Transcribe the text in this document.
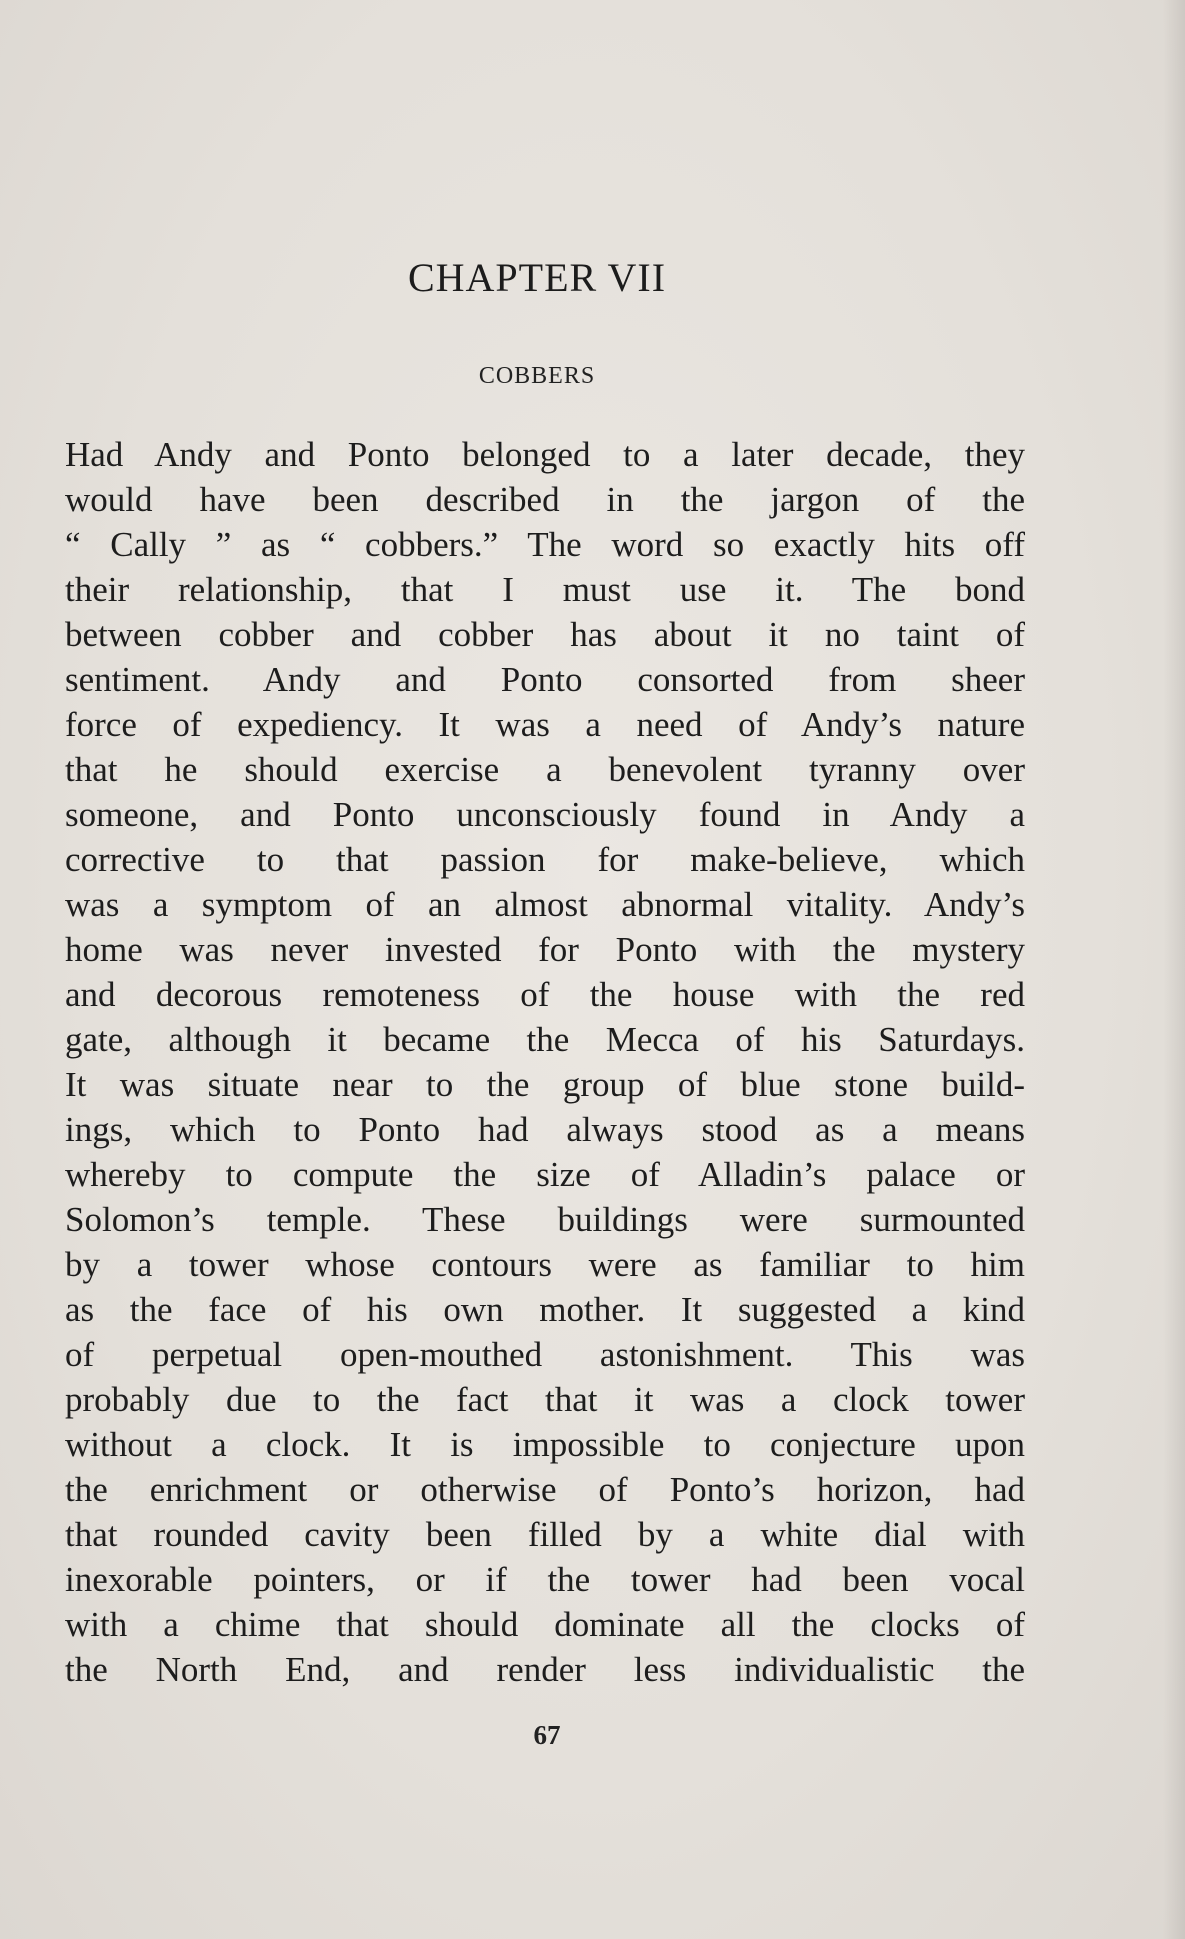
CHAPTER VII
COBBERS
Had Andy and Ponto belonged to a later decade, they
would have been described in the jargon of the
“ Cally ” as “ cobbers.” The word so exactly hits off
their relationship, that I must use it. The bond
between cobber and cobber has about it no taint of
sentiment. Andy and Ponto consorted from sheer
force of expediency. It was a need of Andy’s nature
that he should exercise a benevolent tyranny over
someone, and Ponto unconsciously found in Andy a
corrective to that passion for make-believe, which
was a symptom of an almost abnormal vitality. Andy’s
home was never invested for Ponto with the mystery
and decorous remoteness of the house with the red
gate, although it became the Mecca of his Saturdays.
It was situate near to the group of blue stone build-
ings, which to Ponto had always stood as a means
whereby to compute the size of Alladin’s palace or
Solomon’s temple. These buildings were surmounted
by a tower whose contours were as familiar to him
as the face of his own mother. It suggested a kind
of perpetual open-mouthed astonishment. This was
probably due to the fact that it was a clock tower
without a clock. It is impossible to conjecture upon
the enrichment or otherwise of Ponto’s horizon, had
that rounded cavity been filled by a white dial with
inexorable pointers, or if the tower had been vocal
with a chime that should dominate all the clocks of
the North End, and render less individualistic the
67
